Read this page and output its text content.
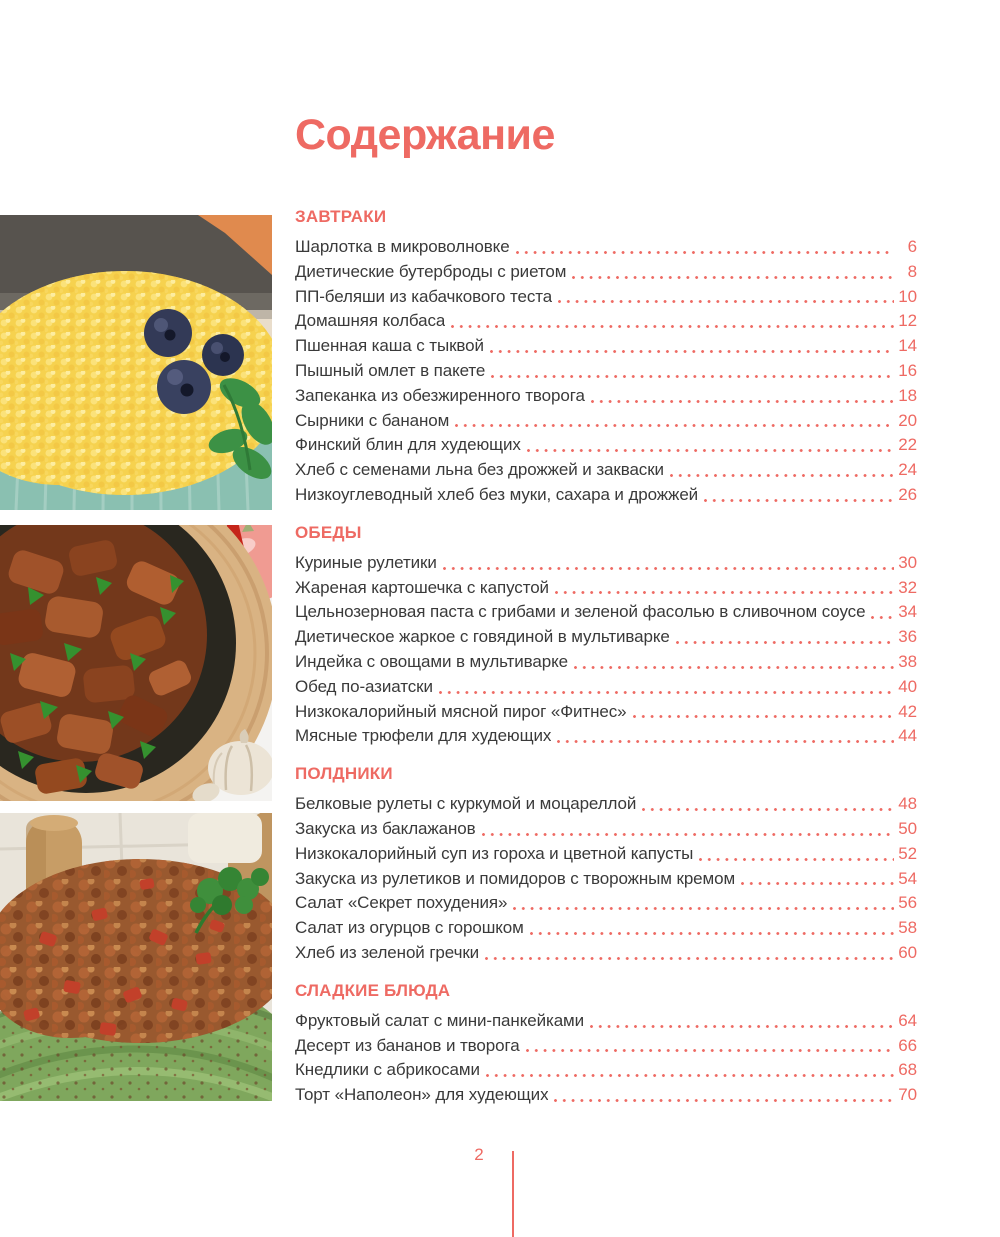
Содержание
ЗАВТРАКИ
Шарлотка в микроволновке	6
Диетические бутерброды с риетом	8
ПП-беляши из кабачкового теста	10
Домашняя колбаса	12
Пшенная каша с тыквой	14
Пышный омлет в пакете	16
Запеканка из обезжиренного творога	18
Сырники с бананом	20
Финский блин для худеющих	22
Хлеб с семенами льна без дрожжей и закваски	24
Низкоуглеводный хлеб без муки, сахара и дрожжей	26
ОБЕДЫ
Куриные рулетики	30
Жареная картошечка с капустой	32
Цельнозерновая паста с грибами и зеленой фасолью в сливочном соусе 34
Диетическое жаркое с говядиной в мультиварке	36
Индейка с овощами в мультиварке	38
Обед по-азиатски	40
Низкокалорийный мясной пирог «Фитнес»	42
Мясные трюфели для худеющих	44
ПОЛДНИКИ
Белковые рулеты с куркумой и моцареллой	48
Закуска из баклажанов	50
Низкокалорийный суп из гороха и цветной капусты	52
Закуска из рулетиков и помидоров с творожным кремом	54
Салат «Секрет похудения»	56
Салат из огурцов с горошком	58
Хлеб из зеленой гречки	60
СЛАДКИЕ БЛЮДА
Фруктовый салат с мини-панкейками	64
Десерт из бананов и творога	66
Кнедлики с абрикосами	68
Торт «Наполеон» для худеющих	70
2
